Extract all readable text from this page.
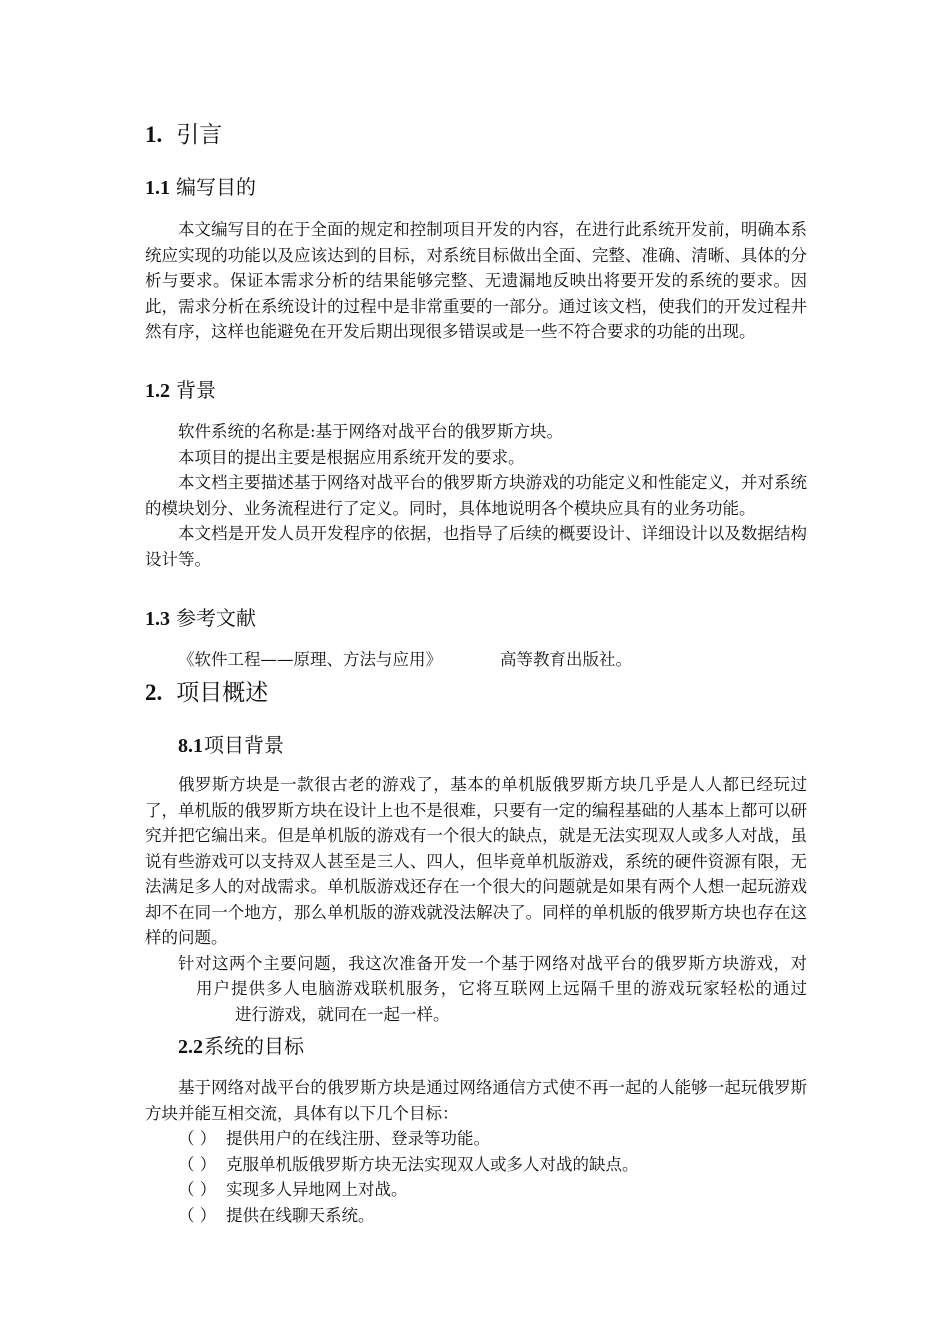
1. 引言
1.1 编写目的

本文编写目的在于全面的规定和控制项目开发的内容，在进行此系统开发前，明确本系统应实现的功能以及应该达到的目标，对系统目标做出全面、完整、准确、清晰、具体的分析与要求。保证本需求分析的结果能够完整、无遗漏地反映出将要开发的系统的要求。因此，需求分析在系统设计的过程中是非常重要的一部分。通过该文档，使我们的开发过程井然有序，这样也能避免在开发后期出现很多错误或是一些不符合要求的功能的出现。

1.2 背景

软件系统的名称是:基于网络对战平台的俄罗斯方块。

本项目的提出主要是根据应用系统开发的要求。

本文档主要描述基于网络对战平台的俄罗斯方块游戏的功能定义和性能定义，并对系统的模块划分、业务流程进行了定义。同时，具体地说明各个模块应具有的业务功能。

本文档是开发人员开发程序的依据，也指导了后续的概要设计、详细设计以及数据结构设计等。

1.3 参考文献
《软件工程——原理、方法与应用》	高等教育出版社。
2. 项目概述
8.1项目背景

俄罗斯方块是一款很古老的游戏了，基本的单机版俄罗斯方块几乎是人人都已经玩过了，单机版的俄罗斯方块在设计上也不是很难，只要有一定的编程基础的人基本上都可以研究并把它编出来。但是单机版的游戏有一个很大的缺点，就是无法实现双人或多人对战，虽说有些游戏可以支持双人甚至是三人、四人，但毕竟单机版游戏，系统的硬件资源有限，无法满足多人的对战需求。单机版游戏还存在一个很大的问题就是如果有两个人想一起玩游戏却不在同一个地方，那么单机版的游戏就没法解决了。同样的单机版的俄罗斯方块也存在这样的问题。

针对这两个主要问题，我这次准备开发一个基于网络对战平台的俄罗斯方块游戏，对用户提供多人电脑游戏联机服务，它将互联网上远隔千里的游戏玩家轻松的通过进行游戏，就同在一起一样。

2.2系统的目标

基于网络对战平台的俄罗斯方块是通过网络通信方式使不再一起的人能够一起玩俄罗斯方块并能互相交流，具体有以下几个目标：

（ ） 提供用户的在线注册、登录等功能。
（ ） 克服单机版俄罗斯方块无法实现双人或多人对战的缺点。
（ ） 实现多人异地网上对战。
（ ） 提供在线聊天系统。
